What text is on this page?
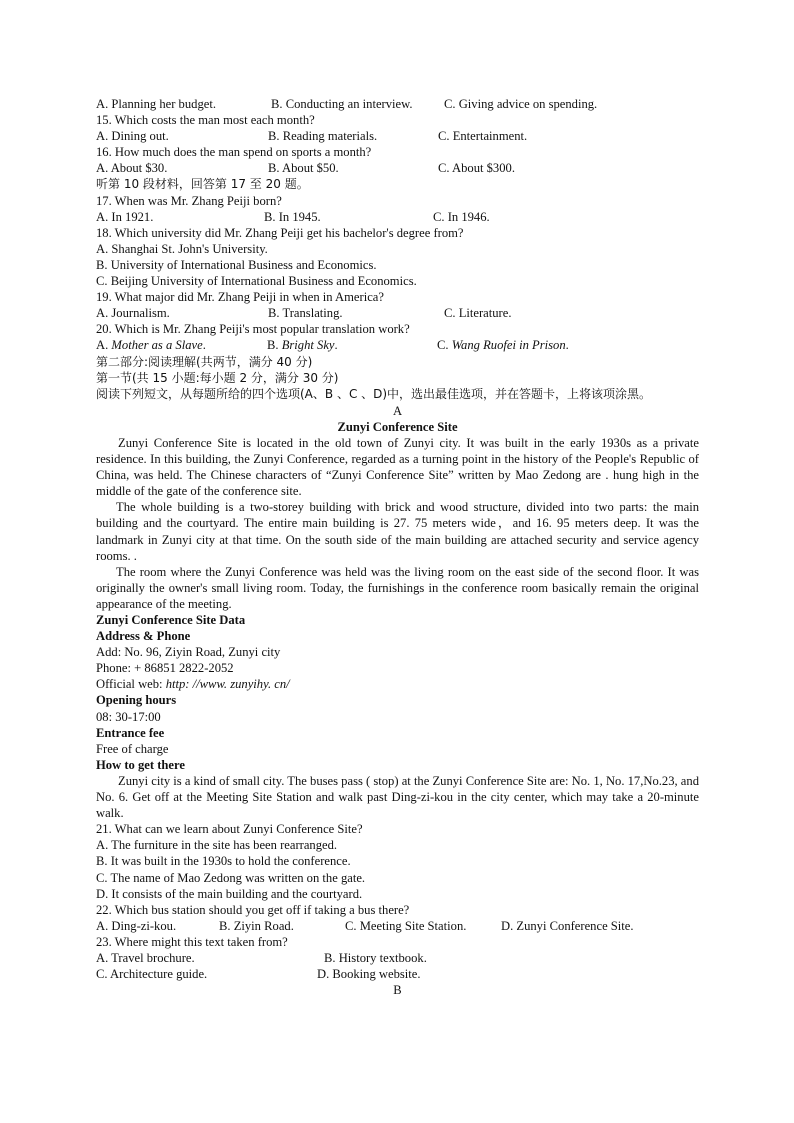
A. Planning her budget.	B. Conducting an interview. C. Giving advice on spending.
15. Which costs the man most each month?
A. Dining out.	B. Reading materials.	C. Entertainment.
16. How much does the man spend on sports a month?
A. About $30.	B. About $50.	C. About $300.
听第 10 段材料，回答第 17 至 20 题。
17. When was Mr. Zhang Peiji born?
A. In 1921.	B. In 1945.	C. In 1946.
18. Which university did Mr. Zhang Peiji get his bachelor's degree from?
A. Shanghai St. John's University.
B. University of International Business and Economics.
C. Beijing University of International Business and Economics.
19. What major did Mr. Zhang Peiji in when in America?
A. Journalism.	B. Translating.	C. Literature.
20. Which is Mr. Zhang Peiji's most popular translation work?
A. Mother as a Slave.	B. Bright Sky.	C. Wang Ruofei in Prison.
第二部分:阅读理解(共两节，满分 40 分)
第一节(共 15 小题:每小题 2 分，满分 30 分)
阅读下列短文，从每题所给的四个选项(A、B 、C 、D)中，选出最佳选项，并在答题卡，上将该项涂黑。
A
Zunyi Conference Site
Zunyi Conference Site is located in the old town of Zunyi city. It was built in the early 1930s as a private residence. In this building, the Zunyi Conference, regarded as a turning point in the history of the People's Republic of China, was held. The Chinese characters of “Zunyi Conference Site” written by Mao Zedong are . hung high in the middle of the gate of the conference site.
The whole building is a two-storey building with brick and wood structure, divided into two parts: the main building and the courtyard. The entire main building is 27. 75 meters wide，and 16. 95 meters deep. It was the landmark in Zunyi city at that time. On the south side of the main building are attached security and service agency rooms. .
The room where the Zunyi Conference was held was the living room on the east side of the second floor. It was originally the owner's small living room. Today, the furnishings in the conference room basically remain the original appearance of the meeting.
Zunyi Conference Site Data
Address & Phone
Add: No. 96, Ziyin Road, Zunyi city
Phone: + 86851 2822-2052
Official web: http: //www. zunyihy. cn/
Opening hours
08: 30-17:00
Entrance fee
Free of charge
How to get there
Zunyi city is a kind of small city. The buses pass ( stop) at the Zunyi Conference Site are: No. 1, No. 17,No.23, and No. 6. Get off at the Meeting Site Station and walk past Ding-zi-kou in the city center, which may take a 20-minute walk.
21. What can we learn about Zunyi Conference Site?
A. The furniture in the site has been rearranged.
B. It was built in the 1930s to hold the conference.
C. The name of Mao Zedong was written on the gate.
D. It consists of the main building and the courtyard.
22. Which bus station should you get off if taking a bus there?
A. Ding-zi-kou.	B. Ziyin Road.	C. Meeting Site Station.	D. Zunyi Conference Site.
23. Where might this text taken from?
A. Travel brochure.	B. History textbook.
C. Architecture guide.	D. Booking website.
B
